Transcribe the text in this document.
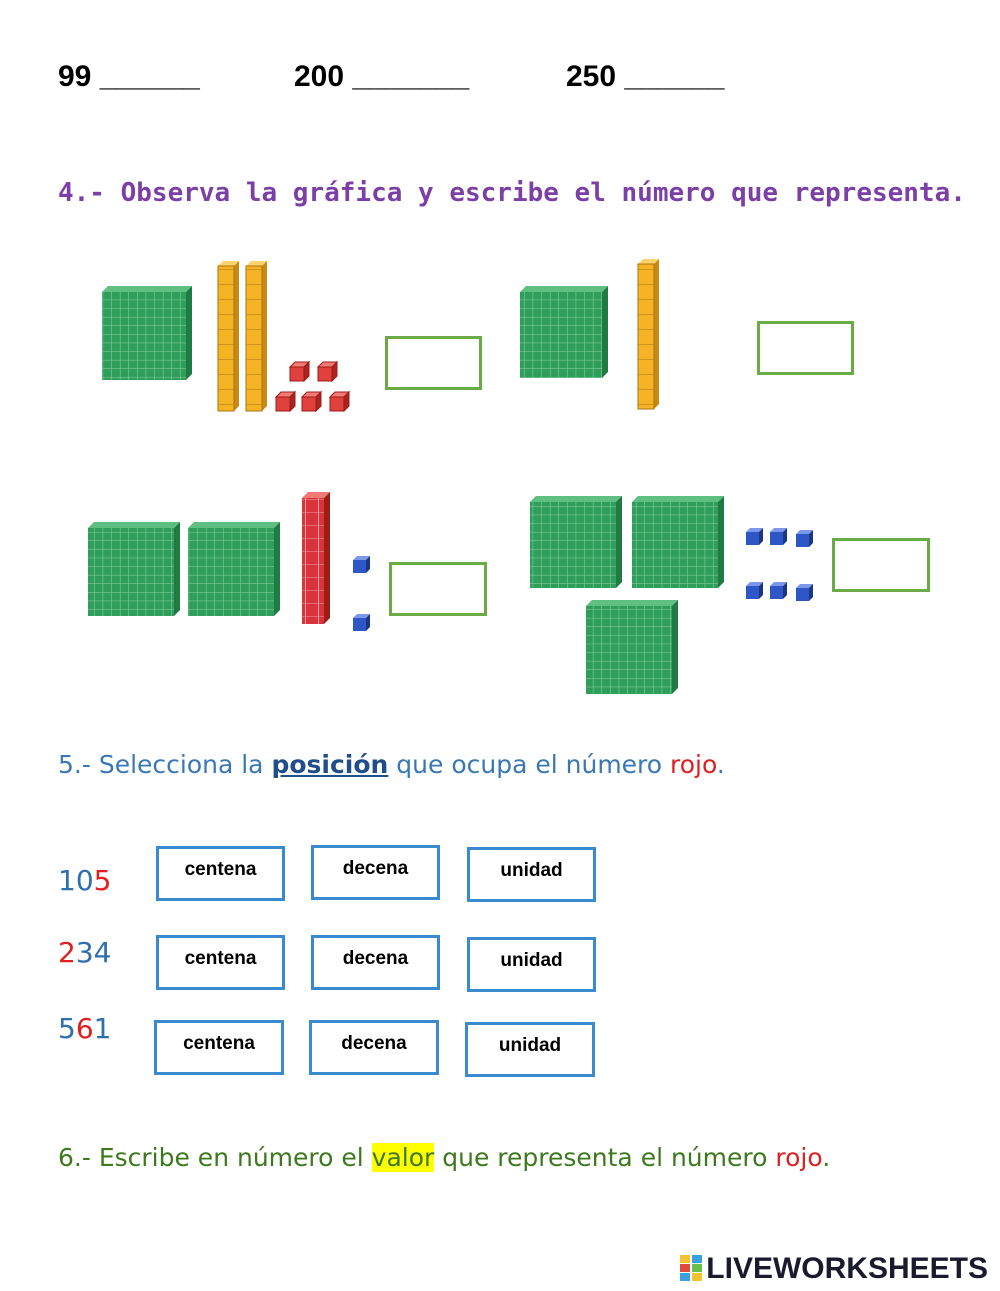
99 ______	200 _______	250 ______
4.- Observa la gráfica y escribe el número que representa.
5.- Selecciona la posición que ocupa el número rojo.
105	centena	decena	unidad
234	centena	decena	unidad
561	centena	decena	unidad
6.- Escribe en número el valor que representa el número rojo.
LIVEWORKSHEETS
